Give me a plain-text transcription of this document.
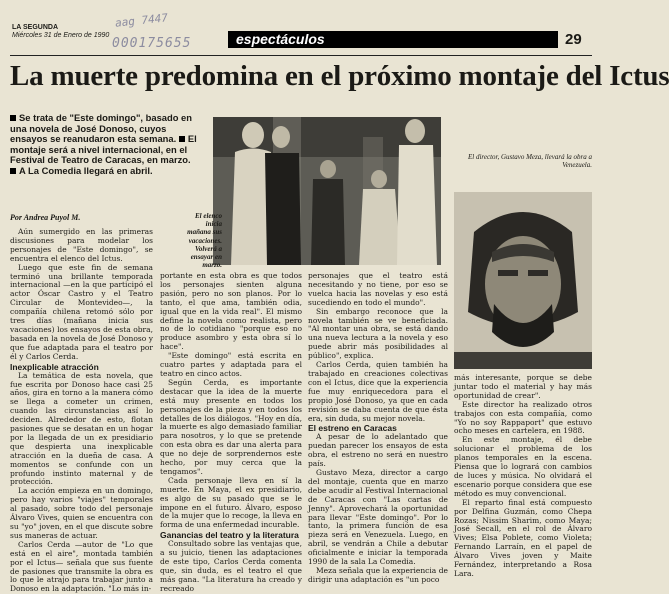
LA SEGUNDA
Miércoles 31 de Enero de 1990
aag 7447
000175655	espectáculos	29
La muerte predomina en el próximo montaje del Ictus
Se trata de "Este domingo", basado en una novela de José Donoso, cuyos ensayos se reanudaron esta semana. El montaje será a nivel internacional, en el Festival de Teatro de Caracas, en marzo. A La Comedia llegará en abril.
Por Andrea Puyol M.

Aún sumergido en las primeras discusiones para modelar los personajes de "Este domingo", se encuentra el elenco del Ictus.

Luego que este fin de semana terminó una brillante temporada internacional —en la que participó el actor Óscar Castro y el Teatro Circular de Montevideo—, la compañía chilena retomó sólo por tres días (mañana inicia sus vacaciones) los ensayos de esta obra, basada en la novela de José Donoso y que fue adaptada para el teatro por él y Carlos Cerda.

Inexplicable atracción

La temática de esta novela, que fue escrita por Donoso hace casi 25 años, gira en torno a la manera cómo se llega a cometer un crimen, cuando las circunstancias así lo deciden. Alrededor de esto, flotan pasiones que se desatan en un hogar por la llegada de un ex presidiario que despierta una inexplicable atracción en la dueña de casa. A momentos se confunde con un profundo instinto maternal y de protección.

La acción empieza en un domingo, pero hay varios "viajes" temporales al pasado, sobre todo del personaje Álvaro Vives, quien se encuentra con su "yo" joven, en el que discute sobre sus maneras de actuar.

Carlos Cerda —autor de "Lo que está en el aire", montada también por el Ictus— señala que sus fuente de pasiones que transmite la obra es lo que le atrajo para trabajar junto a Donoso en la adaptación. "Lo más in-

El elenco inicia mañana sus vacaciones. Volverá a ensayar en marzo.
El director, Gustavo Meza, llevará la obra a Venezuela.

portante en esta obra es que todos los personajes sienten alguna pasión, pero no son planos. Por lo tanto, el que ama, también odia, igual que en la vida real". El mismo define la novela como realista, pero no de lo cotidiano "porque eso no produce asombro y esta obra sí lo hace".

"Este domingo" está escrita en cuatro partes y adaptada para el teatro en cinco actos.

Según Cerda, es importante destacar que la idea de la muerte está muy presente en todos los personajes de la pieza y en todos los detalles de los diálogos. "Hoy en día, la muerte es algo demasiado familiar para nosotros, y lo que se pretende con esta obra es dar una alerta para que no deje de sorprendernos este hecho, por muy cerca que la tengamos".

Cada personaje lleva en sí la muerte. En Maya, el ex presidiario, es algo de su pasado que se le impone en el futuro. Álvaro, esposo de la mujer que lo recoge, la lleva en forma de una enfermedad incurable.

Ganancias del teatro y la literatura

Consultado sobre las ventajas que, a su juicio, tienen las adaptaciones de este tipo, Carlos Cerda comenta que, sin duda, es el teatro el que más gana. "La literatura ha creado y recreado

personajes que el teatro está necesitando y no tiene, por eso se vuelca hacia las novelas y eso está sucediendo en todo el mundo".

Sin embargo reconoce que la novela también se ve beneficiada. "Al montar una obra, se está dando una nueva lectura a la novela y eso puede abrir más posibilidades al público", explica.

Carlos Cerda, quien también ha trabajado en creaciones colectivas con el Ictus, dice que la experiencia fue muy enriquecedora para el propio José Donoso, ya que en cada revisión se daba cuenta de que ésta era, sin duda, su mejor novela.

El estreno en Caracas

A pesar de lo adelantado que puedan parecer los ensayos de esta obra, el estreno no será en nuestro país.

Gustavo Meza, director a cargo del montaje, cuenta que en marzo debe acudir al Festival Internacional de Caracas con "Las cartas de Jenny". Aprovechará la oportunidad para llevar "Este domingo". Por lo tanto, la primera función de esa pieza será en Venezuela. Luego, en abril, se vendrán a Chile a debutar oficialmente e iniciar la temporada 1990 de la sala La Comedia.

Meza señala que la experiencia de dirigir una adaptación es "un poco

más interesante, porque se debe juntar todo el material y hay más oportunidad de crear".

Este director ha realizado otros trabajos con esta compañía, como "Yo no soy Rappaport" que estuvo ocho meses en cartelera, en 1988.

En este montaje, él debe solucionar el problema de los planos temporales en la escena. Piensa que lo logrará con cambios de luces y música. No olvidará el escenario porque considera que ese método es muy convencional.

El reparto final está compuesto por Delfina Guzmán, como Chepa Rozas; Nissim Sharim, como Maya; José Secall, en el rol de Álvaro Vives; Elsa Poblete, como Violeta; Fernando Larraín, en el papel de Álvaro Vives joven y Maite Fernández, interpretando a Rosa Lara.
